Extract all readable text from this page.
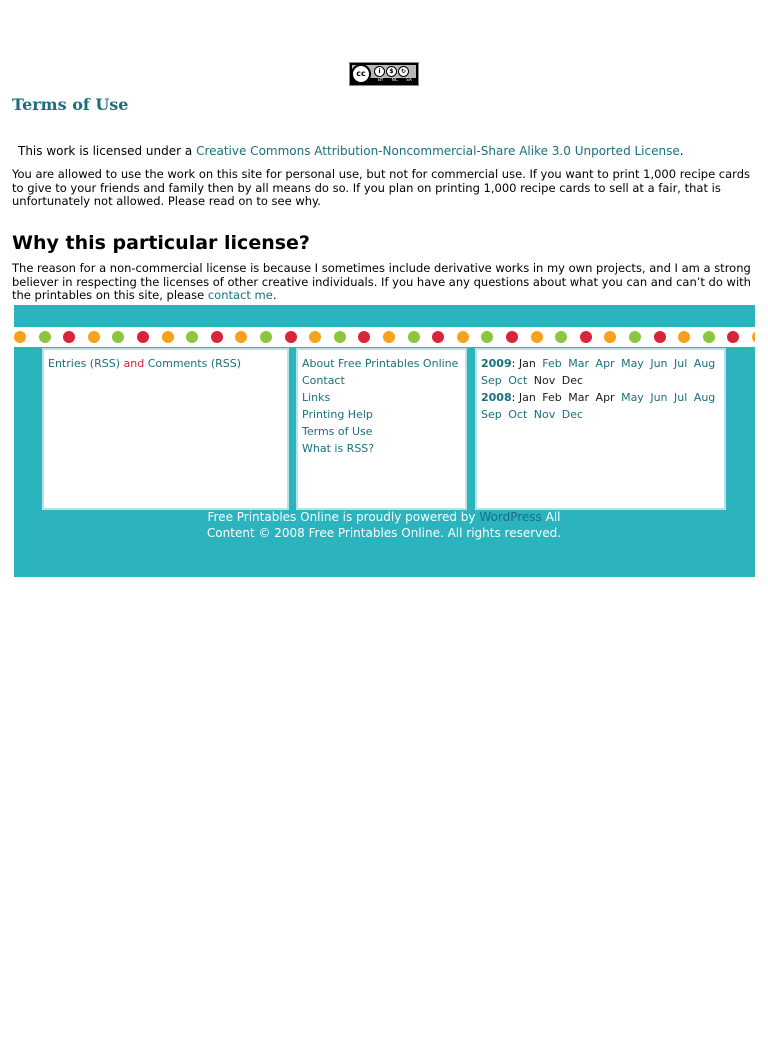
i	$	↻
cc
BY NC SA
Terms of Use

This work is licensed under a Creative Commons Attribution-Noncommercial-Share Alike 3.0 Unported License.

You are allowed to use the work on this site for personal use, but not for commercial use. If you want to print 1,000 recipe cards to give to your friends and family then by all means do so. If you plan on printing 1,000 recipe cards to sell at a fair, that is unfortunately not allowed. Please read on to see why.

Why this particular license?

The reason for a non-commercial license is because I sometimes include derivative works in my own projects, and I am a strong believer in respecting the licenses of other creative individuals. If you have any questions about what you can and can’t do with the printables on this site, please contact me.

Entries (RSS) and Comments (RSS)	About Free Printables Online
Contact
Links
Printing Help
Terms of Use
What is RSS?
2009: Jan Feb Mar Apr May Jun Jul Aug Sep Oct Nov Dec
2008: Jan Feb Mar Apr May Jun Jul Aug Sep Oct Nov Dec
Free Printables Online is proudly powered by WordPress All Content © 2008 Free Printables Online. All rights reserved.
